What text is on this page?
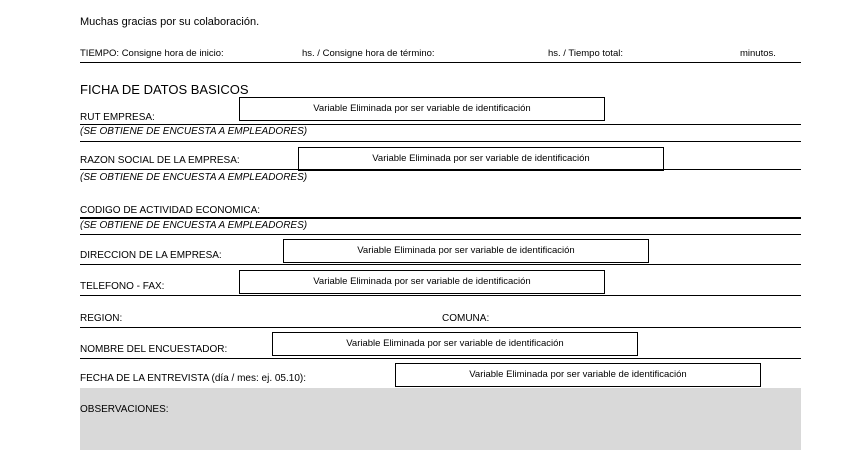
Muchas gracias por su colaboración.
TIEMPO: Consigne hora de inicio:	hs. / Consigne hora de término:	hs. / Tiempo total:	minutos.
FICHA DE DATOS BASICOS
RUT EMPRESA:
Variable Eliminada por ser variable de identificación
(SE OBTIENE DE ENCUESTA A EMPLEADORES)
RAZON SOCIAL DE LA EMPRESA:	Variable Eliminada por ser variable de identificación
(SE OBTIENE DE ENCUESTA A EMPLEADORES)
CODIGO DE ACTIVIDAD ECONOMICA:
(SE OBTIENE DE ENCUESTA A EMPLEADORES)
DIRECCION DE LA EMPRESA:	Variable Eliminada por ser variable de identificación
TELEFONO - FAX:	Variable Eliminada por ser variable de identificación
REGION:	COMUNA:
NOMBRE DEL ENCUESTADOR:
Variable Eliminada por ser variable de identificación
FECHA DE LA ENTREVISTA (día / mes: ej. 05.10):	Variable Eliminada por ser variable de identificación
OBSERVACIONES:
